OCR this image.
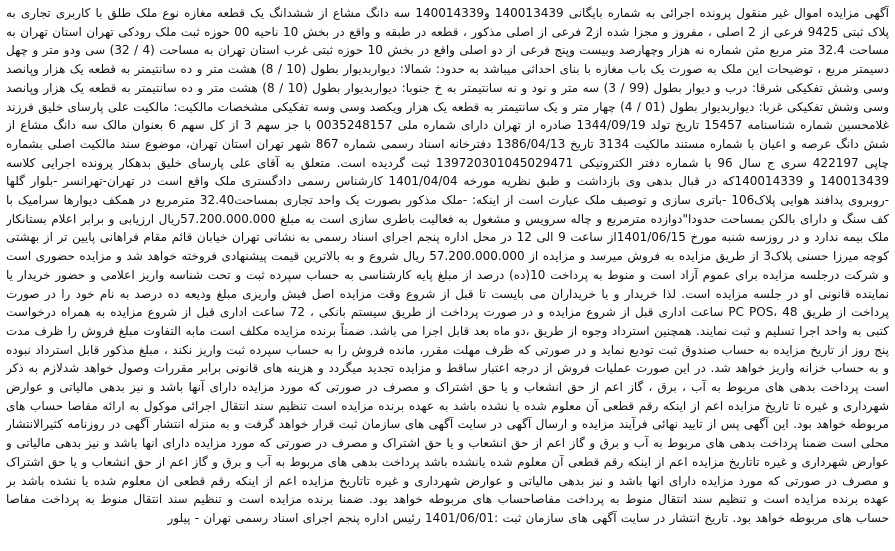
آگهی مزایده اموال غیر منقول پرونده اجرائی به شماره بایگانی 140013439 و140014339 سه دانگ مشاع از ششدانگ یک قطعه مغازه نوع ملک طلق با کاربری تجاری به پلاک ثبتی 9425 فرعی از 2 اصلی ، مفروز و مجزا شده از2 فرعی از اصلی مذکور ، قطعه در طبقه و واقع در بخش 10 ناحیه 00 حوزه ثبت ملک رودکی تهران استان تهران به مساحت 32.4 متر مربع مثن شماره نه هزار وچهارصد وبیست وپنج فرعی از دو اصلی واقع در بخش 10 حوزه ثبتی غرب استان تهران به مساحت (4 / 32) سی ودو متر و چهل دسیمتر مربع ، توضیحات این ملک به صورت یک باب مغازه با بنای احداثی میباشد به حدود: شمالا: دیواربدیوار بطول (10 / 8) هشت متر و ده سانتیمتر به قطعه یک هزار وپانصد وسی وشش تفکیکی شرقا: درب و دیوار بطول (99 / 3) سه متر و نود و نه سانتیمتر به خ جنوبا: دیواربدیوار بطول (10 / 8) هشت متر و ده سانتیمتر به قطعه یک هزار وپانصد وسی وشش تفکیکی غربا: دیواربدیوار بطول (01 / 4) چهار متر و یک سانتیمتر به قطعه یک هزار ویکصد وسی وسه تفکیکی مشخصات مالکیت: مالکیت علی پارسای خلیق فرزند غلامحسین شماره شناسنامه 15457 تاریخ تولد 1344/09/19 صادره از تهران دارای شماره ملی 0035248157 با جز سهم 3 از کل سهم 6 بعنوان مالک سه دانگ مشاع از شش دانگ عرصه و اعیان با شماره مستند مالکیت 3134 تاریخ 1386/04/13 دفترخانه اسناد رسمی شماره 867 شهر تهران استان تهران، موضوع سند مالکیت اصلی بشماره چاپی 422197 سری ج سال 96 با شماره دفتر الکترونیکی 139720301045029471 ثبت گردیده است. متعلق به آقای علی پارسای خلیق بدهکار پرونده اجرایی کلاسه 140013439 و 140014339که در قبال بدهی وی بازداشت و طبق نظریه مورخه 1401/04/04 کارشناس رسمی دادگستری ملک واقع است در تهران-تهرانسر -بلوار گلها -روبروی پدافند هوایی پلاک106 -باتری سازی و توصیف ملک عبارت است از اینکه: -ملک مذکور بصورت یک واحد تجاری بمساحت32.40 مترمربع در همکف دیوارها سرامیک با کف سنگ و دارای بالکن بمساحت حدودا"دوازده مترمربع و چاله سرویس و مشغول به فعالیت باطری سازی است به مبلغ 57.200.000.000ریال ارزیابی و برابر اعلام بستانکار ملک بیمه ندارد و در روزسه شنبه مورخ 1401/06/15از ساعت 9 الی 12 در محل اداره پنجم اجرای اسناد رسمی به نشانی تهران خیابان قائم مقام فراهانی پایین تر از بهشتی کوچه میرزا حسنی پلاک3 از طریق مزایده به فروش میرسد و مزایده از 57.200.000.000 ریال شروع و به بالاترین قیمت پیشنهادی فروخته خواهد شد و مزایده حضوری است و شرکت درجلسه مزایده برای عموم آزاد است و منوط به پرداخت 10(ده) درصد از مبلغ پایه کارشناسی به حساب سپرده ثبت و تحت شناسه واریز اعلامی و حضور خریدار یا نماینده قانونی او در جلسه مزایده است. لذا خریدار و یا خریداران می بایست تا قبل از شروع وقت مزایده اصل فیش واریزی مبلغ ودیعه ده درصد به نام خود را در صورت پرداخت از طریق PC POS، 48 ساعت اداری قبل از شروع مزایده و در صورت پرداخت از طریق سیستم بانکی ، 72 ساعت اداری قبل از شروع مزایده به همراه درخواست کتبی به واحد اجرا تسلیم و ثبت نمایند. همچنین استرداد وجوه از طریق ،دو ماه بعد قابل اجرا می باشد. ضمناً برنده مزایده مکلف است مابه التفاوت مبلغ فروش را ظرف مدت پنج روز از تاریخ مزایده به حساب صندوق ثبت تودیع نماید و در صورتی که ظرف مهلت مقرر، مانده فروش را به حساب سپرده ثبت واریز نکند ، مبلغ مذکور قابل استرداد نبوده و به حساب خزانه واریز خواهد شد. در این صورت عملیات فروش از درجه اعتبار ساقط و مزایده تجدید میگردد و هزینه های قانونی برابر مقررات وصول خواهد شدلازم به ذکر است پرداخت بدهی های مربوط به آب ، برق ، گاز اعم از حق انشعاب و یا حق اشتراک و مصرف در صورتی که مورد مزایده دارای آنها باشد و نیز بدهی مالیاتی و عوارض شهرداری و غیره تا تاریخ مزایده اعم از اینکه رقم قطعی آن معلوم شده یا نشده باشد به عهده برنده مزایده است تنظیم سند انتقال اجرائی موکول به ارائه مفاصا حساب های مربوطه خواهد بود. این آگهی پس از تایید نهائی فرآیند مزایده و ارسال آگهی در سایت آگهی های سازمان ثبت قرار خواهد گرفت و به منزله انتشار آگهی در روزنامه کثیرالانتشار محلی است ضمنا پرداخت بدهی های مربوط به آب و برق و گاز اعم از حق انشعاب و یا حق اشتراک و مصرف در صورتی که مورد مزایده دارای انها باشد و نیز بدهی مالیاتی و عوارض شهرداری و غیره تاتاریخ مزایده اعم از اینکه رقم قطعی آن معلوم شده یانشده باشد پرداخت بدهی های مربوط به آب و برق و گاز اعم از حق انشعاب و یا حق اشتراک و مصرف در صورتی که مورد مزایده دارای انها باشد و نیز بدهی مالیاتی و عوارض شهرداری و غیره تاتاریخ مزایده اعم از اینکه رقم قطعی ان معلوم شده یا نشده باشد بر عهده برنده مزایده است و تنظیم سند انتقال منوط به پرداخت مفاصاحساب های مربوطه خواهد بود. ضمنا برنده مزایده است و تنظیم سند انتقال منوط به پرداخت مفاصا حساب های مربوطه خواهد بود. تاریخ انتشار در سایت آگهی های سازمان ثبت :1401/06/01 رئیس اداره پنجم اجرای اسناد رسمی تهران - پیلور
